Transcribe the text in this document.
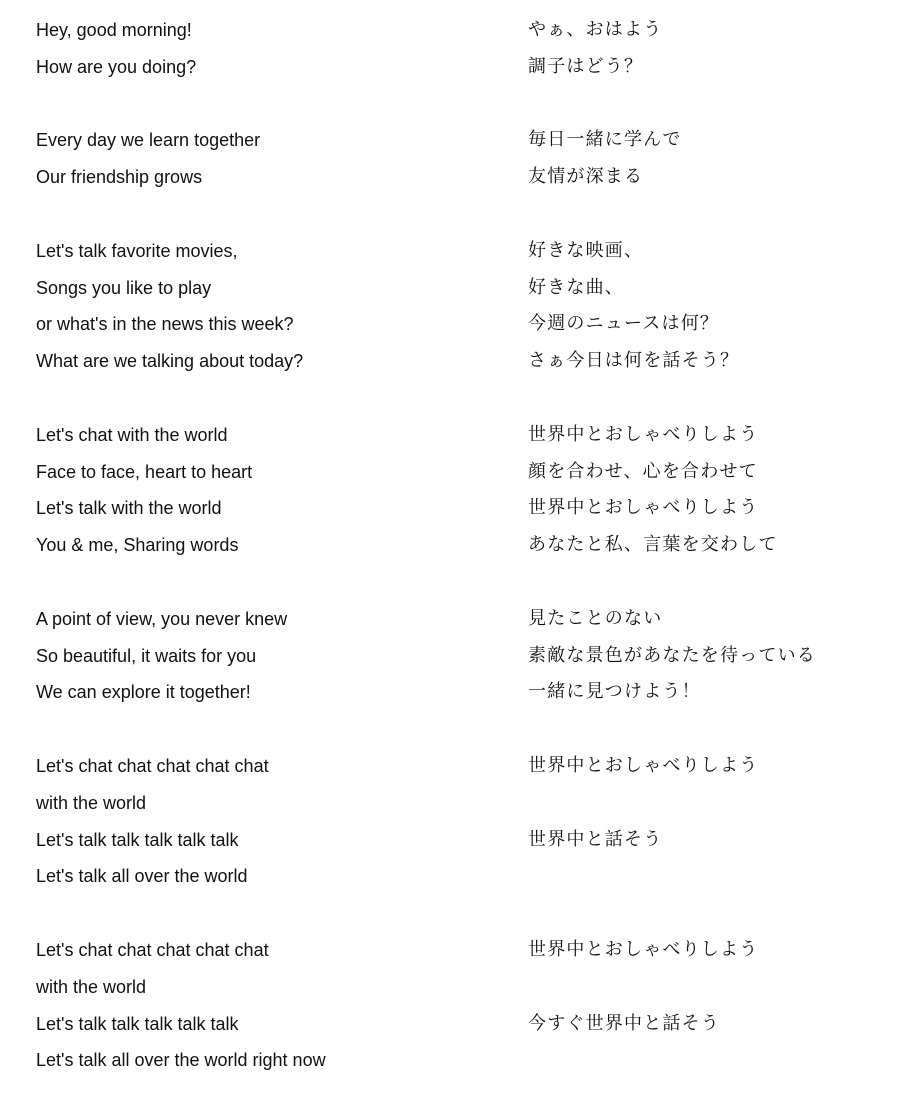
Hey, good morning!	やぁ、おはよう
How are you doing?	調子はどう？
Every day we learn together	毎日一緒に学んで
Our friendship grows	友情が深まる
Let's talk favorite movies,	好きな映画、
Songs you like to play	好きな曲、
or what's in the news this week?	今週のニュースは何？
What are we talking about today?	さぁ今日は何を話そう？
Let's chat with the world	世界中とおしゃべりしよう
Face to face, heart to heart	顔を合わせ、心を合わせて
Let's talk with the world	世界中とおしゃべりしよう
You & me, Sharing words	あなたと私、言葉を交わして
A point of view, you never knew	見たことのない
So beautiful, it waits for you	素敵な景色があなたを待っている
We can explore it together!	一緒に見つけよう！
Let's chat chat chat chat chat	世界中とおしゃべりしよう
with the world
Let's talk talk talk talk talk	世界中と話そう
Let's talk all over the world
Let's chat chat chat chat chat	世界中とおしゃべりしよう
with the world
Let's talk talk talk talk talk	今すぐ世界中と話そう
Let's talk all over the world right now
